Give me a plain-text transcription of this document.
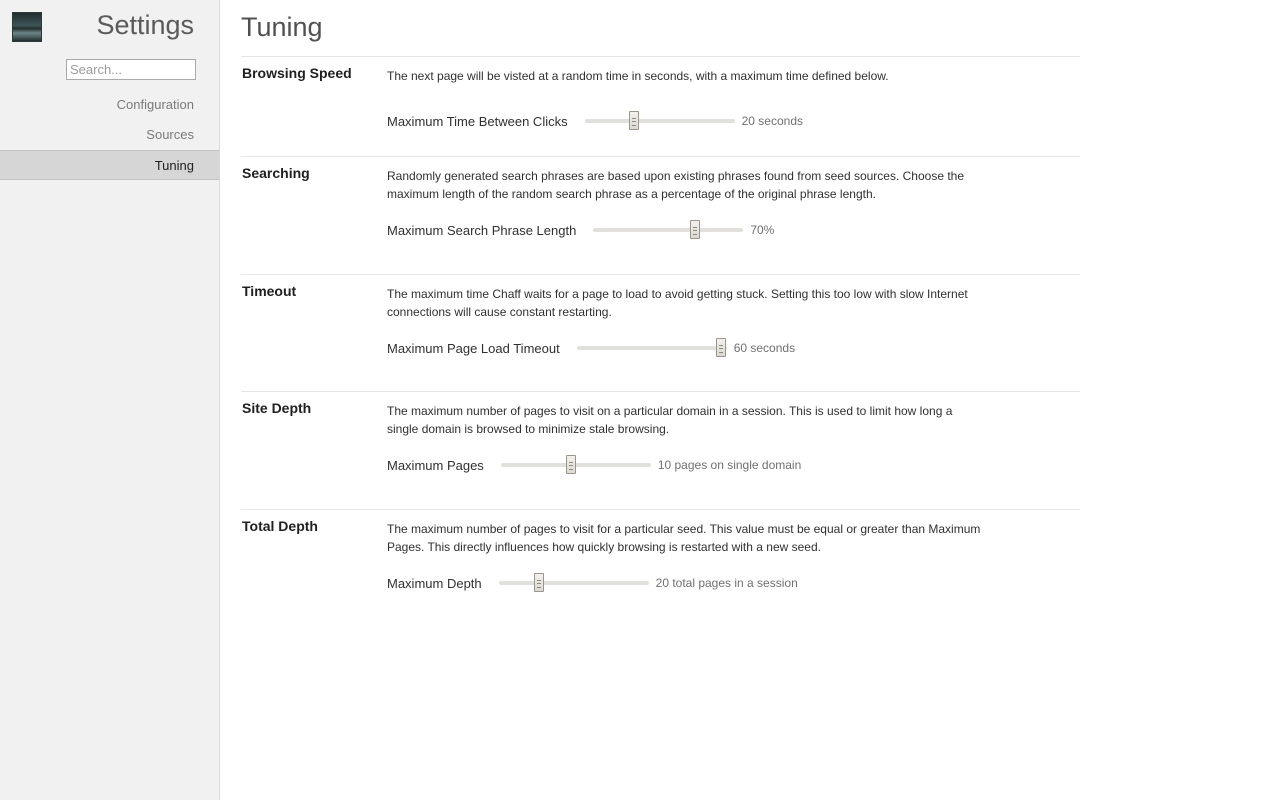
Settings
Search...
Configuration
Sources
Tuning
Tuning
Browsing Speed	The next page will be visted at a random time in seconds, with a maximum time defined below.
Maximum Time Between Clicks	20 seconds
Searching	Randomly generated search phrases are based upon existing phrases found from seed sources. Choose the maximum length of the random search phrase as a percentage of the original phrase length.
Maximum Search Phrase Length	70%
Timeout	The maximum time Chaff waits for a page to load to avoid getting stuck. Setting this too low with slow Internet connections will cause constant restarting.
Maximum Page Load Timeout	60 seconds
Site Depth	The maximum number of pages to visit on a particular domain in a session. This is used to limit how long a single domain is browsed to minimize stale browsing.
Maximum Pages	10 pages on single domain
Total Depth	The maximum number of pages to visit for a particular seed. This value must be equal or greater than Maximum Pages. This directly influences how quickly browsing is restarted with a new seed.
Maximum Depth	20 total pages in a session
